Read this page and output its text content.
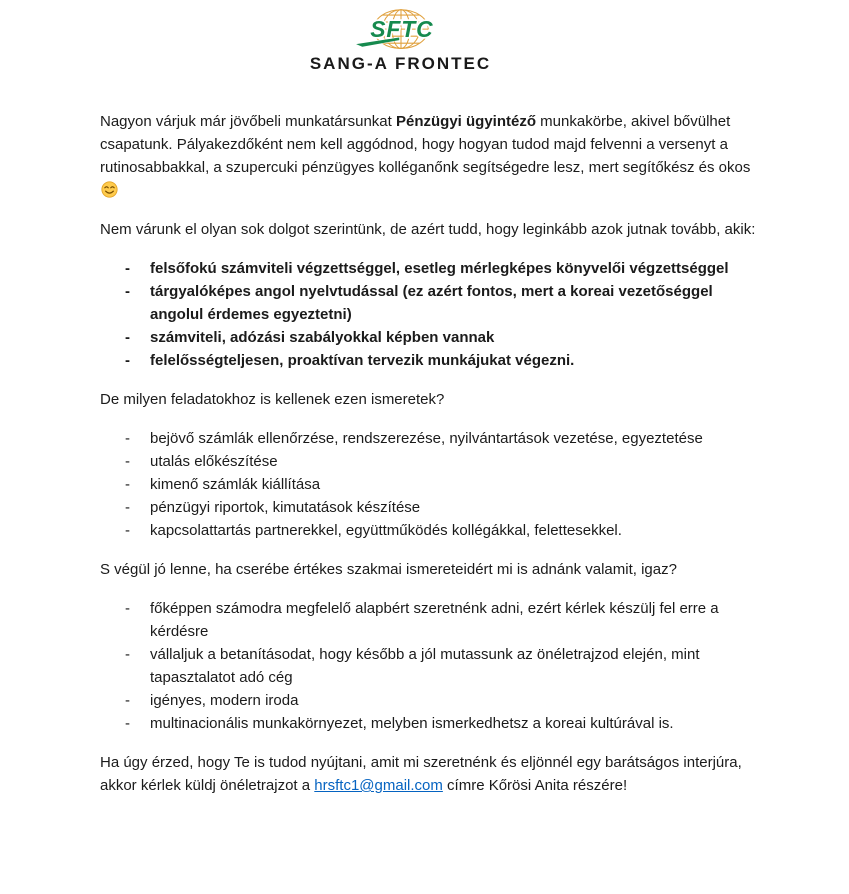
SFTC
SANG-A FRONTEC

Nagyon várjuk már jövőbeli munkatársunkat Pénzügyi ügyintéző munkakörbe, akivel bővülhet csapatunk. Pályakezdőként nem kell aggódnod, hogy hogyan tudod majd felvenni a versenyt a rutinosabbakkal, a szupercuki pénzügyes kolléganőnk segítségedre lesz, mert segítőkész és okos

Nem várunk el olyan sok dolgot szerintünk, de azért tudd, hogy leginkább azok jutnak tovább, akik:

- felsőfokú számviteli végzettséggel, esetleg mérlegképes könyvelői végzettséggel
- tárgyalóképes angol nyelvtudással (ez azért fontos, mert a koreai vezetőséggel angolul érdemes egyeztetni)
- számviteli, adózási szabályokkal képben vannak
- felelősségteljesen, proaktívan tervezik munkájukat végezni.

De milyen feladatokhoz is kellenek ezen ismeretek?

- bejövő számlák ellenőrzése, rendszerezése, nyilvántartások vezetése, egyeztetése
- utalás előkészítése
- kimenő számlák kiállítása
- pénzügyi riportok, kimutatások készítése
- kapcsolattartás partnerekkel, együttműködés kollégákkal, felettesekkel.

S végül jó lenne, ha cserébe értékes szakmai ismereteidért mi is adnánk valamit, igaz?

- főképpen számodra megfelelő alapbért szeretnénk adni, ezért kérlek készülj fel erre a kérdésre
- vállaljuk a betanításodat, hogy később a jól mutassunk az önéletrajzod elején, mint tapasztalatot adó cég
- igényes, modern iroda
- multinacionális munkakörnyezet, melyben ismerkedhetsz a koreai kultúrával is.

Ha úgy érzed, hogy Te is tudod nyújtani, amit mi szeretnénk és eljönnél egy barátságos interjúra, akkor kérlek küldj önéletrajzot a hrsftc1@gmail.com címre Kőrösi Anita részére!
